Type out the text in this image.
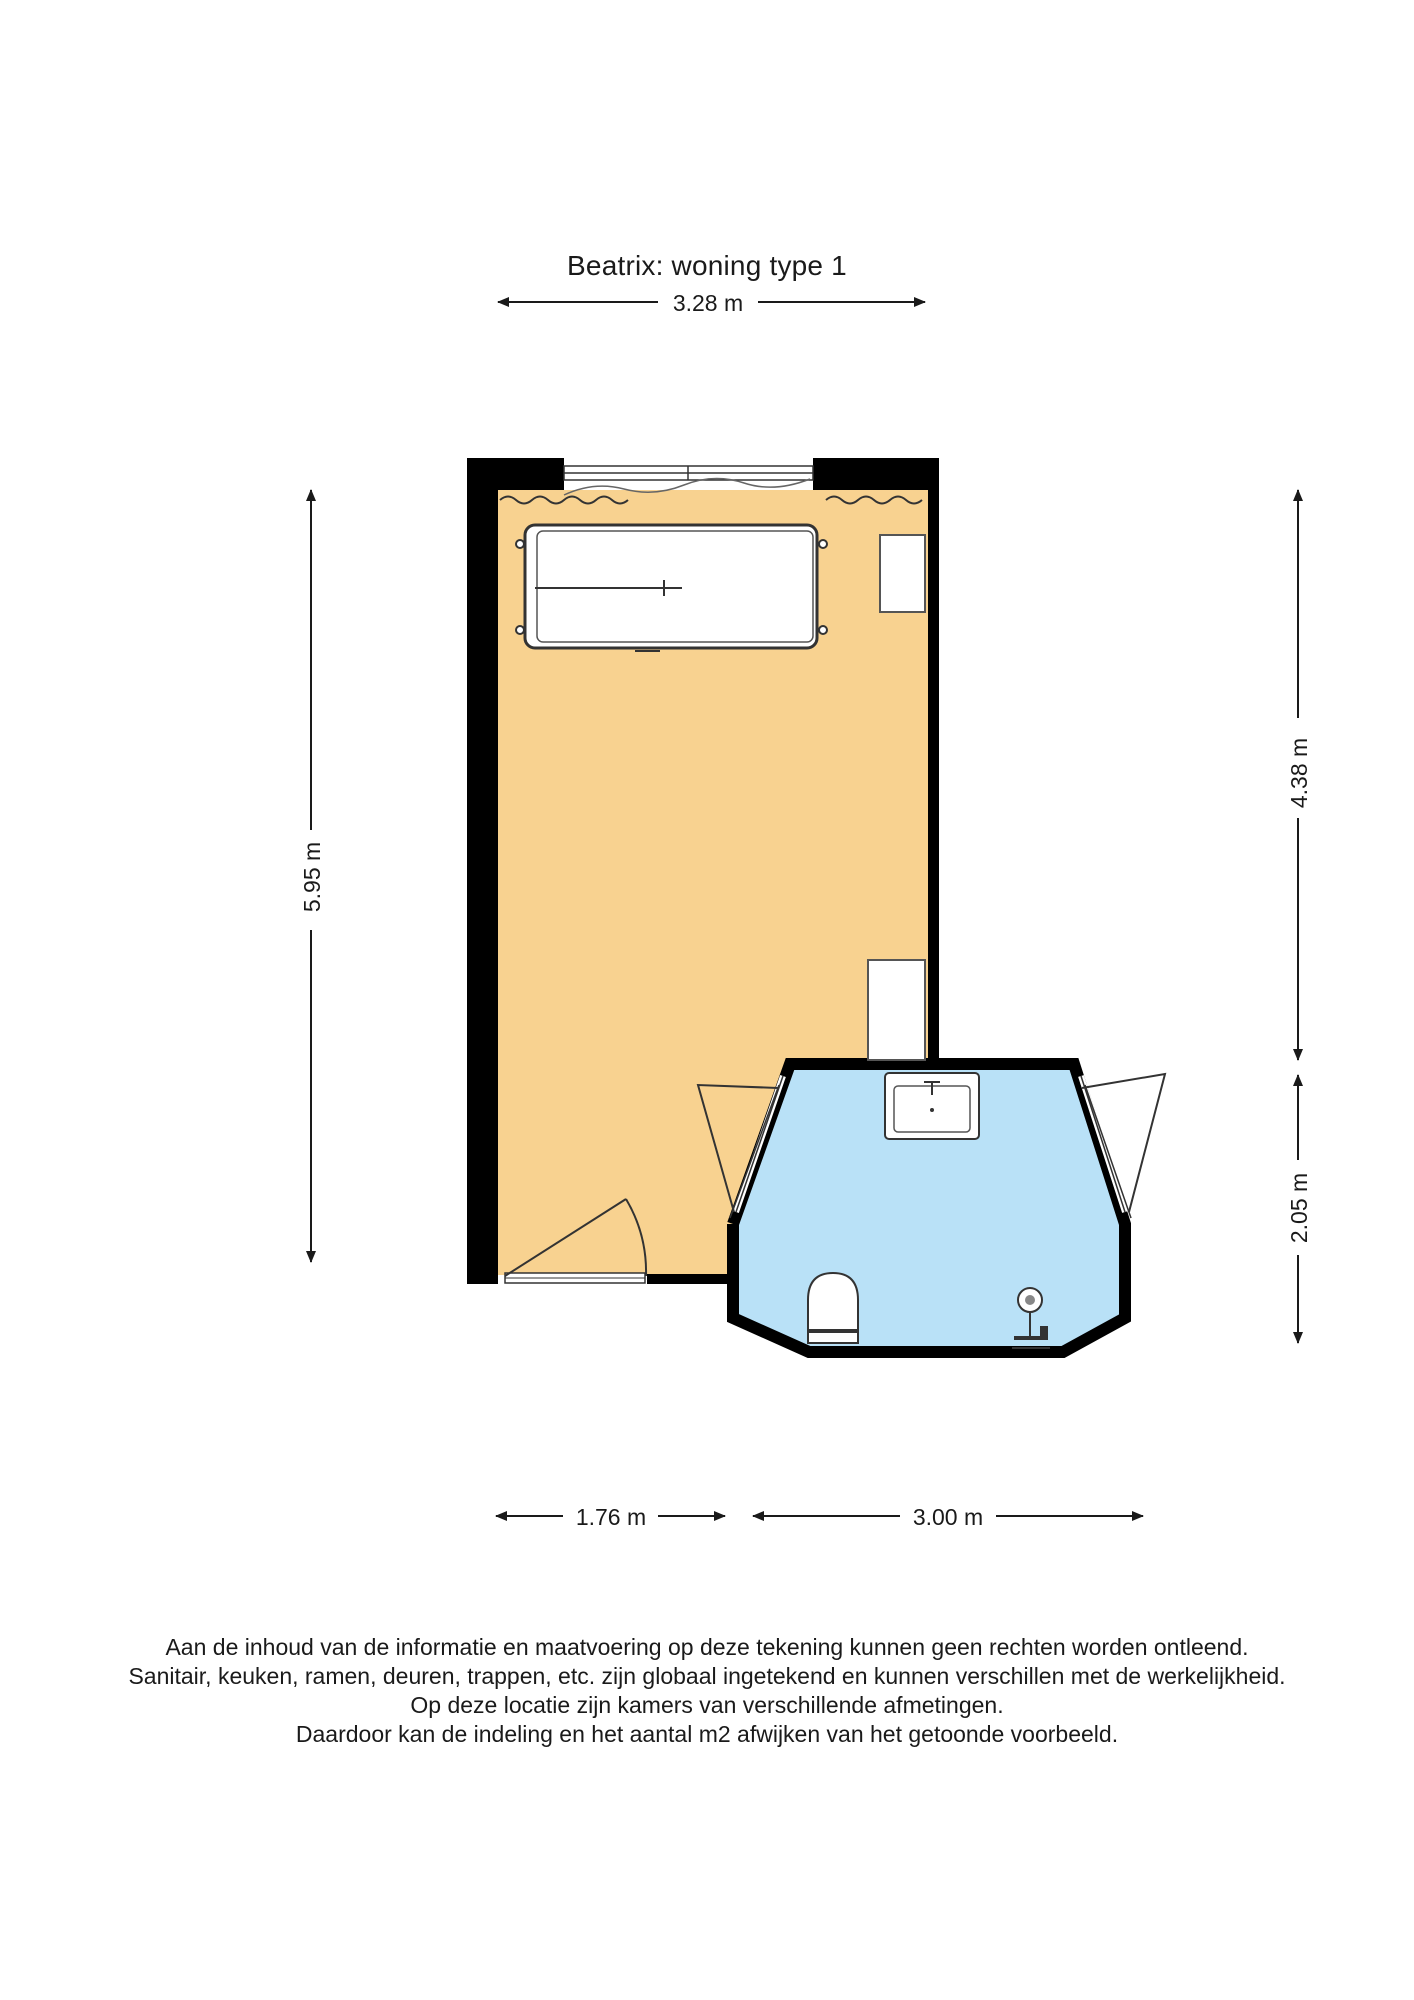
Beatrix: woning type 1
3.28 m
5.95 m
4.38 m
2.05 m
1.76 m	3.00 m
Aan de inhoud van de informatie en maatvoering op deze tekening kunnen geen rechten worden ontleend.
Sanitair, keuken, ramen, deuren, trappen, etc. zijn globaal ingetekend en kunnen verschillen met de werkelijkheid.
Op deze locatie zijn kamers van verschillende afmetingen.
Daardoor kan de indeling en het aantal m2 afwijken van het getoonde voorbeeld.
